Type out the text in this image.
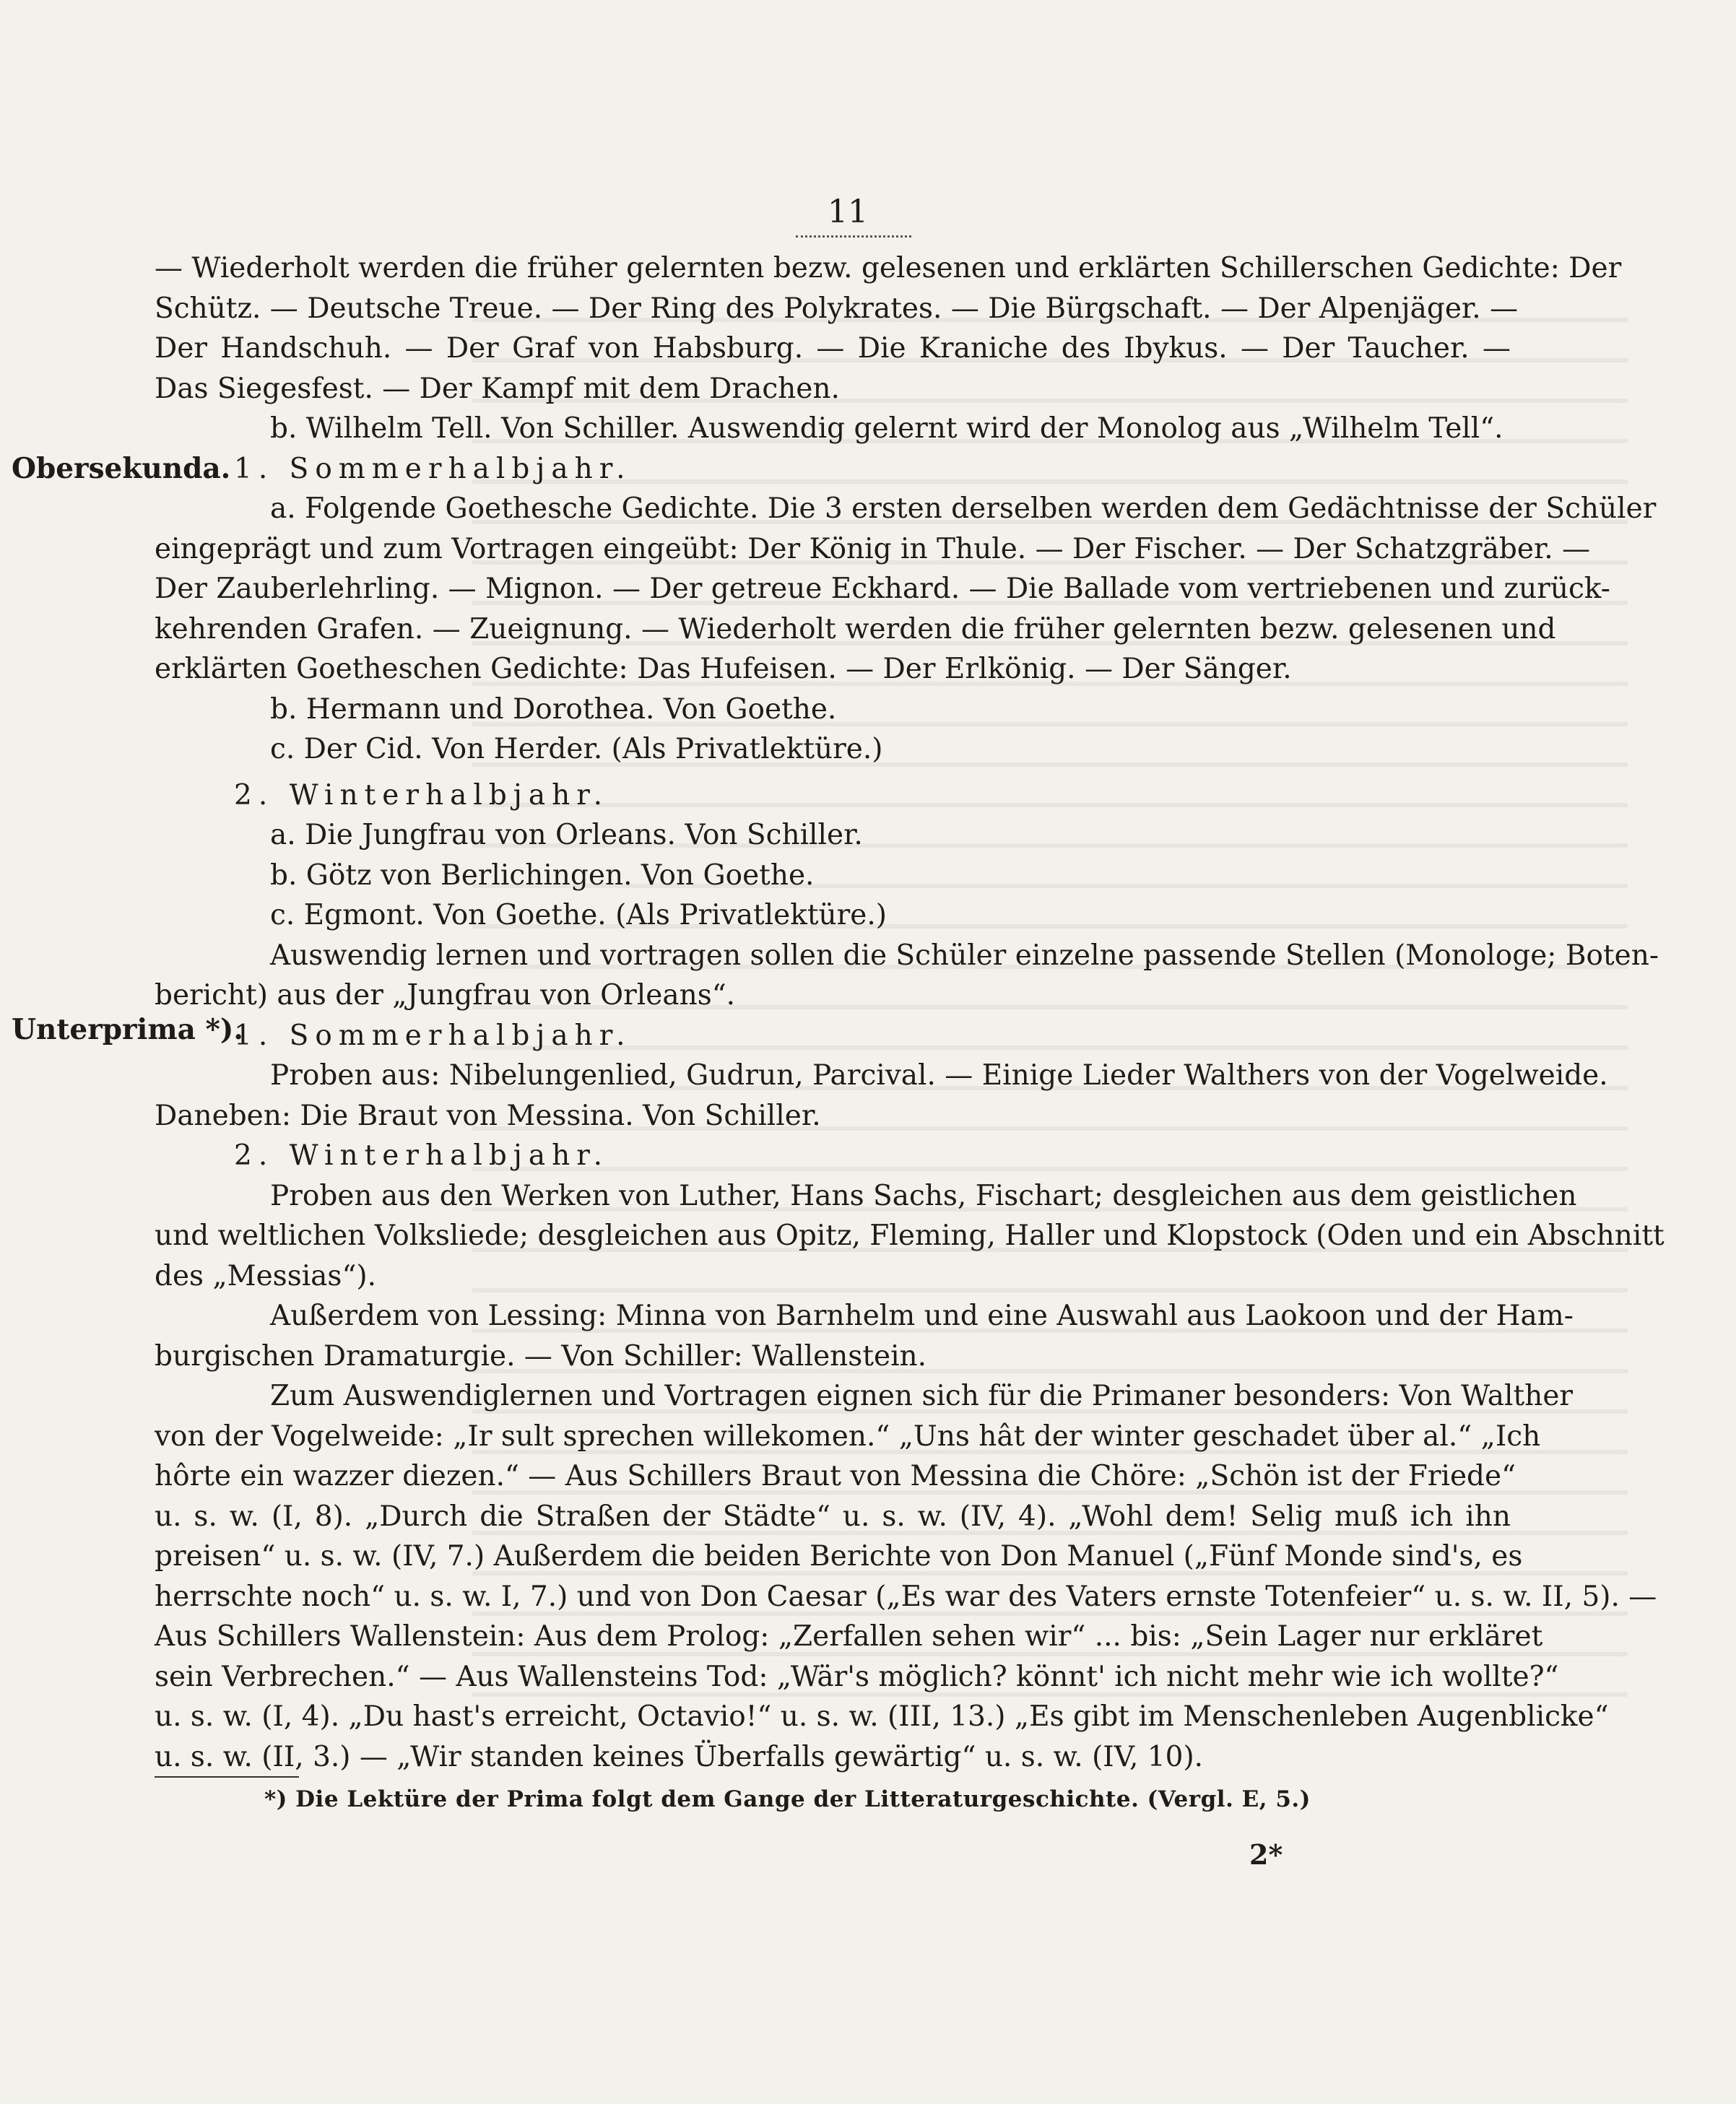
11
Obersekunda.
Unterprima *).
— Wiederholt werden die früher gelernten bezw. gelesenen und erklärten Schillerschen Gedichte: Der
Schütz. — Deutsche Treue. — Der Ring des Polykrates. — Die Bürgschaft. — Der Alpenjäger. —
Der Handschuh. — Der Graf von Habsburg. — Die Kraniche des Ibykus. — Der Taucher. —
Das Siegesfest. — Der Kampf mit dem Drachen.
b. Wilhelm Tell. Von Schiller. Auswendig gelernt wird der Monolog aus „Wilhelm Tell“.
1. Sommerhalbjahr.
a. Folgende Goethesche Gedichte. Die 3 ersten derselben werden dem Gedächtnisse der Schüler
eingeprägt und zum Vortragen eingeübt: Der König in Thule. — Der Fischer. — Der Schatzgräber. —
Der Zauberlehrling. — Mignon. — Der getreue Eckhard. — Die Ballade vom vertriebenen und zurück-
kehrenden Grafen. — Zueignung. — Wiederholt werden die früher gelernten bezw. gelesenen und
erklärten Goetheschen Gedichte: Das Hufeisen. — Der Erlkönig. — Der Sänger.
b. Hermann und Dorothea. Von Goethe.
c. Der Cid. Von Herder. (Als Privatlektüre.)
2. Winterhalbjahr.
a. Die Jungfrau von Orleans. Von Schiller.
b. Götz von Berlichingen. Von Goethe.
c. Egmont. Von Goethe. (Als Privatlektüre.)
Auswendig lernen und vortragen sollen die Schüler einzelne passende Stellen (Monologe; Boten-
bericht) aus der „Jungfrau von Orleans“.
1. Sommerhalbjahr.
Proben aus: Nibelungenlied, Gudrun, Parcival. — Einige Lieder Walthers von der Vogelweide.
Daneben: Die Braut von Messina. Von Schiller.
2. Winterhalbjahr.
Proben aus den Werken von Luther, Hans Sachs, Fischart; desgleichen aus dem geistlichen
und weltlichen Volksliede; desgleichen aus Opitz, Fleming, Haller und Klopstock (Oden und ein Abschnitt
des „Messias“).
Außerdem von Lessing: Minna von Barnhelm und eine Auswahl aus Laokoon und der Ham-
burgischen Dramaturgie. — Von Schiller: Wallenstein.
Zum Auswendiglernen und Vortragen eignen sich für die Primaner besonders: Von Walther
von der Vogelweide: „Ir sult sprechen willekomen.“ „Uns hât der winter geschadet über al.“ „Ich
hôrte ein wazzer diezen.“ — Aus Schillers Braut von Messina die Chöre: „Schön ist der Friede“
u. s. w. (I, 8). „Durch die Straßen der Städte“ u. s. w. (IV, 4). „Wohl dem! Selig muß ich ihn
preisen“ u. s. w. (IV, 7.) Außerdem die beiden Berichte von Don Manuel („Fünf Monde sind's, es
herrschte noch“ u. s. w. I, 7.) und von Don Caesar („Es war des Vaters ernste Totenfeier“ u. s. w. II, 5). —
Aus Schillers Wallenstein: Aus dem Prolog: „Zerfallen sehen wir“ ... bis: „Sein Lager nur erkläret
sein Verbrechen.“ — Aus Wallensteins Tod: „Wär's möglich? könnt' ich nicht mehr wie ich wollte?“
u. s. w. (I, 4). „Du hast's erreicht, Octavio!“ u. s. w. (III, 13.) „Es gibt im Menschenleben Augenblicke“
u. s. w. (II, 3.) — „Wir standen keines Überfalls gewärtig“ u. s. w. (IV, 10).
*) Die Lektüre der Prima folgt dem Gange der Litteraturgeschichte. (Vergl. E, 5.)
2*
